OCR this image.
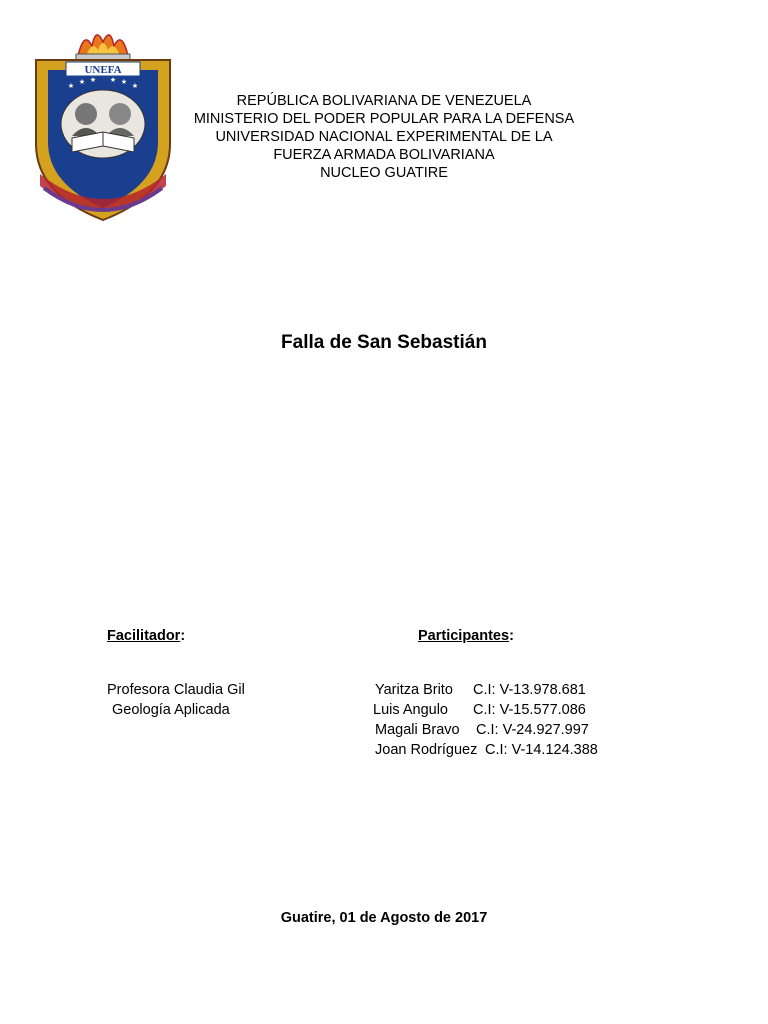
UNEFA
★ ★ ★ ★ ★ ★
REPÚBLICA BOLIVARIANA DE VENEZUELA
MINISTERIO DEL PODER POPULAR PARA LA DEFENSA
UNIVERSIDAD NACIONAL EXPERIMENTAL DE LA
FUERZA ARMADA BOLIVARIANA
NUCLEO GUATIRE
Falla de San Sebastián
Facilitador:
Profesora Claudia Gil
Geología Aplicada
Participantes:
Yaritza Brito C.I: V-13.978.681
Luis Angulo C.I: V-15.577.086
Magali Bravo C.I: V-24.927.997
Joan Rodríguez C.I: V-14.124.388
Guatire, 01 de Agosto de 2017
